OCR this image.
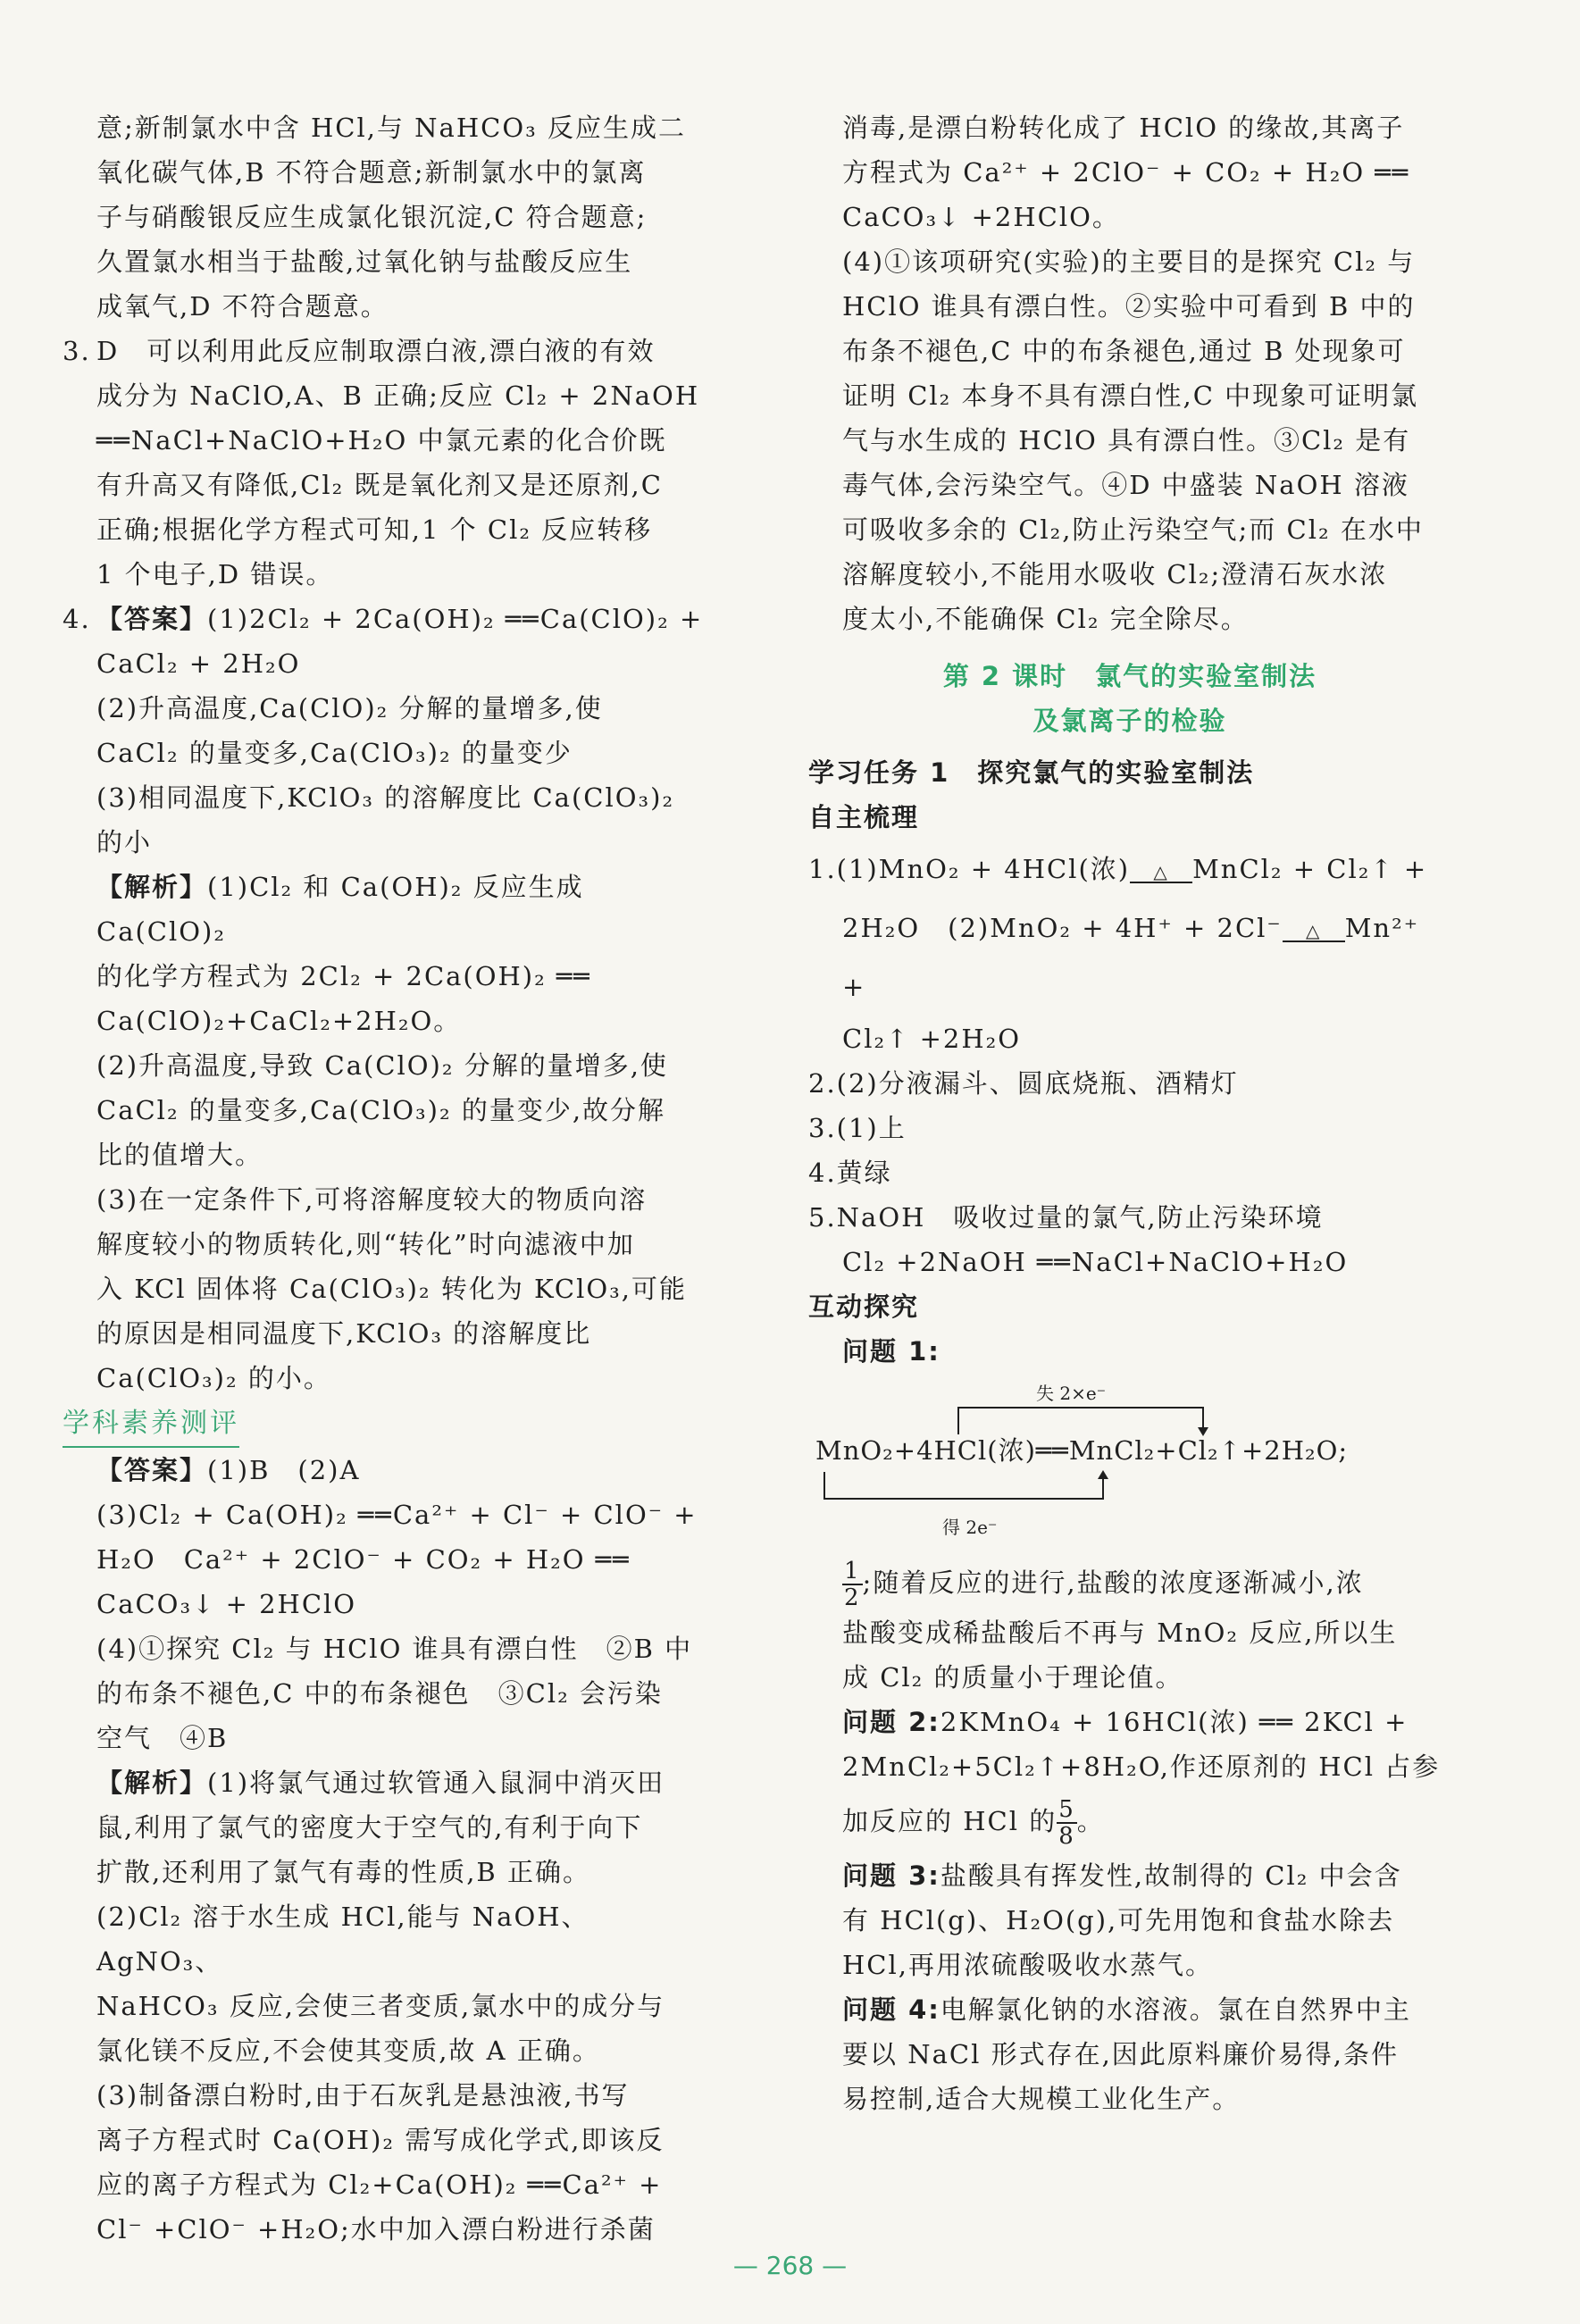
意;新制氯水中含 HCl,与 NaHCO₃ 反应生成二

氧化碳气体,B 不符合题意;新制氯水中的氯离

子与硝酸银反应生成氯化银沉淀,C 符合题意;

久置氯水相当于盐酸,过氧化钠与盐酸反应生

成氧气,D 不符合题意。

3. D　可以利用此反应制取漂白液,漂白液的有效

成分为 NaClO,A、B 正确;反应 Cl₂ + 2NaOH

══NaCl+NaClO+H₂O 中氯元素的化合价既

有升高又有降低,Cl₂ 既是氧化剂又是还原剂,C

正确;根据化学方程式可知,1 个 Cl₂ 反应转移

1 个电子,D 错误。

4. 【答案】(1)2Cl₂ + 2Ca(OH)₂ ══Ca(ClO)₂ +

CaCl₂ + 2H₂O

(2)升高温度,Ca(ClO)₂ 分解的量增多,使

CaCl₂ 的量变多,Ca(ClO₃)₂ 的量变少

(3)相同温度下,KClO₃ 的溶解度比 Ca(ClO₃)₂

的小

【解析】(1)Cl₂ 和 Ca(OH)₂ 反应生成 Ca(ClO)₂

的化学方程式为 2Cl₂ + 2Ca(OH)₂ ══

Ca(ClO)₂+CaCl₂+2H₂O。

(2)升高温度,导致 Ca(ClO)₂ 分解的量增多,使

CaCl₂ 的量变多,Ca(ClO₃)₂ 的量变少,故分解

比的值增大。

(3)在一定条件下,可将溶解度较大的物质向溶

解度较小的物质转化,则“转化”时向滤液中加

入 KCl 固体将 Ca(ClO₃)₂ 转化为 KClO₃,可能

的原因是相同温度下,KClO₃ 的溶解度比

Ca(ClO₃)₂ 的小。

学科素养测评

【答案】(1)B　(2)A

(3)Cl₂ + Ca(OH)₂ ══Ca²⁺ + Cl⁻ + ClO⁻ +

H₂O　Ca²⁺ + 2ClO⁻ + CO₂ + H₂O ══

CaCO₃↓ + 2HClO

(4)①探究 Cl₂ 与 HClO 谁具有漂白性　②B 中

的布条不褪色,C 中的布条褪色　③Cl₂ 会污染

空气　④B

【解析】(1)将氯气通过软管通入鼠洞中消灭田

鼠,利用了氯气的密度大于空气的,有利于向下

扩散,还利用了氯气有毒的性质,B 正确。

(2)Cl₂ 溶于水生成 HCl,能与 NaOH、AgNO₃、

NaHCO₃ 反应,会使三者变质,氯水中的成分与

氯化镁不反应,不会使其变质,故 A 正确。

(3)制备漂白粉时,由于石灰乳是悬浊液,书写

离子方程式时 Ca(OH)₂ 需写成化学式,即该反

应的离子方程式为 Cl₂+Ca(OH)₂ ══Ca²⁺ +

Cl⁻ +ClO⁻ +H₂O;水中加入漂白粉进行杀菌

消毒,是漂白粉转化成了 HClO 的缘故,其离子

方程式为 Ca²⁺ + 2ClO⁻ + CO₂ + H₂O ══

CaCO₃↓ +2HClO。

(4)①该项研究(实验)的主要目的是探究 Cl₂ 与

HClO 谁具有漂白性。②实验中可看到 B 中的

布条不褪色,C 中的布条褪色,通过 B 处现象可

证明 Cl₂ 本身不具有漂白性,C 中现象可证明氯

气与水生成的 HClO 具有漂白性。③Cl₂ 是有

毒气体,会污染空气。④D 中盛装 NaOH 溶液

可吸收多余的 Cl₂,防止污染空气;而 Cl₂ 在水中

溶解度较小,不能用水吸收 Cl₂;澄清石灰水浓

度太小,不能确保 Cl₂ 完全除尽。

第 2 课时　氯气的实验室制法

及氯离子的检验

学习任务 1　探究氯气的实验室制法

自主梳理

1.(1)MnO₂ + 4HCl(浓)	△ MnCl₂ + Cl₂↑ +

2H₂O　(2)MnO₂ + 4H⁺ + 2Cl⁻	△ Mn²⁺ +

Cl₂↑ +2H₂O

2.(2)分液漏斗、圆底烧瓶、酒精灯

3.(1)上

4.黄绿

5.NaOH　吸收过量的氯气,防止污染环境

Cl₂ +2NaOH ══NaCl+NaClO+H₂O

互动探究

问题 1:

失 2×e⁻
MnO₂+4HCl(浓)══MnCl₂+Cl₂↑+2H₂O;
得 2e⁻

$\frac{1}{2}$ ;随着反应的进行,盐酸的浓度逐渐减小,浓

盐酸变成稀盐酸后不再与 MnO₂ 反应,所以生

成 Cl₂ 的质量小于理论值。

问题 2:2KMnO₄ + 16HCl(浓) ══ 2KCl +

2MnCl₂+5Cl₂↑+8H₂O,作还原剂的 HCl 占参

加反应的 HCl 的 $\frac{5}{8}$ 。

问题 3:盐酸具有挥发性,故制得的 Cl₂ 中会含

有 HCl(g)、H₂O(g),可先用饱和食盐水除去

HCl,再用浓硫酸吸收水蒸气。

问题 4:电解氯化钠的水溶液。氯在自然界中主

要以 NaCl 形式存在,因此原料廉价易得,条件

易控制,适合大规模工业化生产。

— 268 —
